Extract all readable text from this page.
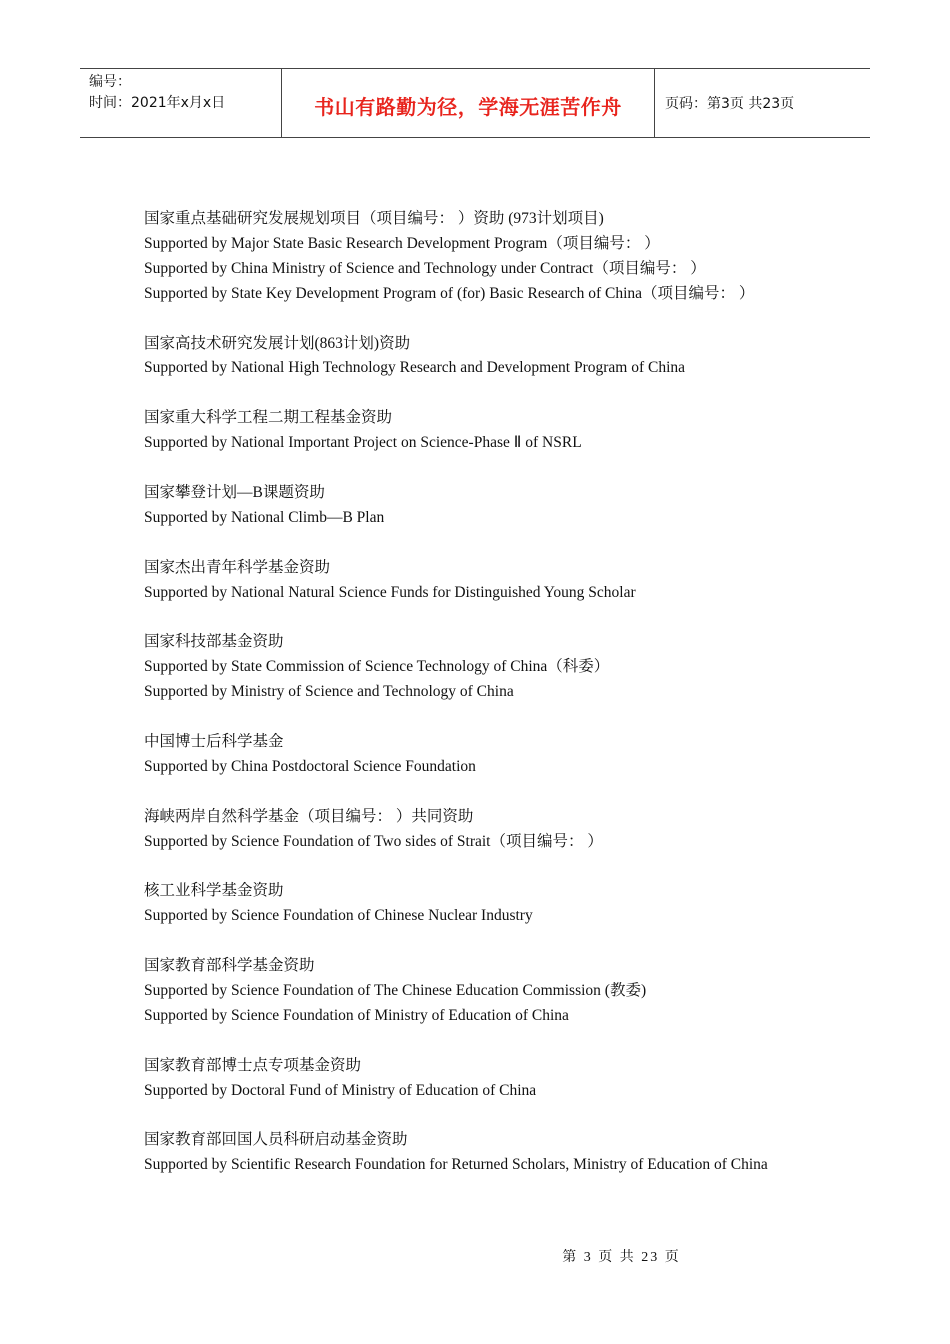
编号：
时间：2021年x月x日	书山有路勤为径，学海无涯苦作舟	页码：第3页 共23页
国家重点基础研究发展规划项目（项目编号： ）资助 (973计划项目)
Supported by Major State Basic Research Development Program（项目编号： ）
Supported by China Ministry of Science and Technology under Contract（项目编号： ）
Supported by State Key Development Program of (for) Basic Research of China（项目编号： ）
国家高技术研究发展计划(863计划)资助
Supported by National High Technology Research and Development Program of China
国家重大科学工程二期工程基金资助
Supported by National Important Project on Science-Phase Ⅱ of NSRL
国家攀登计划—B课题资助
Supported by National Climb—B Plan
国家杰出青年科学基金资助
Supported by National Natural Science Funds for Distinguished Young Scholar
国家科技部基金资助
Supported by State Commission of Science Technology of China（科委）
Supported by Ministry of Science and Technology of China
中国博士后科学基金
Supported by China Postdoctoral Science Foundation
海峡两岸自然科学基金（项目编号： ）共同资助
Supported by Science Foundation of Two sides of Strait（项目编号： ）
核工业科学基金资助
Supported by Science Foundation of Chinese Nuclear Industry
国家教育部科学基金资助
Supported by Science Foundation of The Chinese Education Commission (教委)
Supported by Science Foundation of Ministry of Education of China
国家教育部博士点专项基金资助
Supported by Doctoral Fund of Ministry of Education of China
国家教育部回国人员科研启动基金资助
Supported by Scientific Research Foundation for Returned Scholars, Ministry of Education of China
第 3 页 共 23 页
